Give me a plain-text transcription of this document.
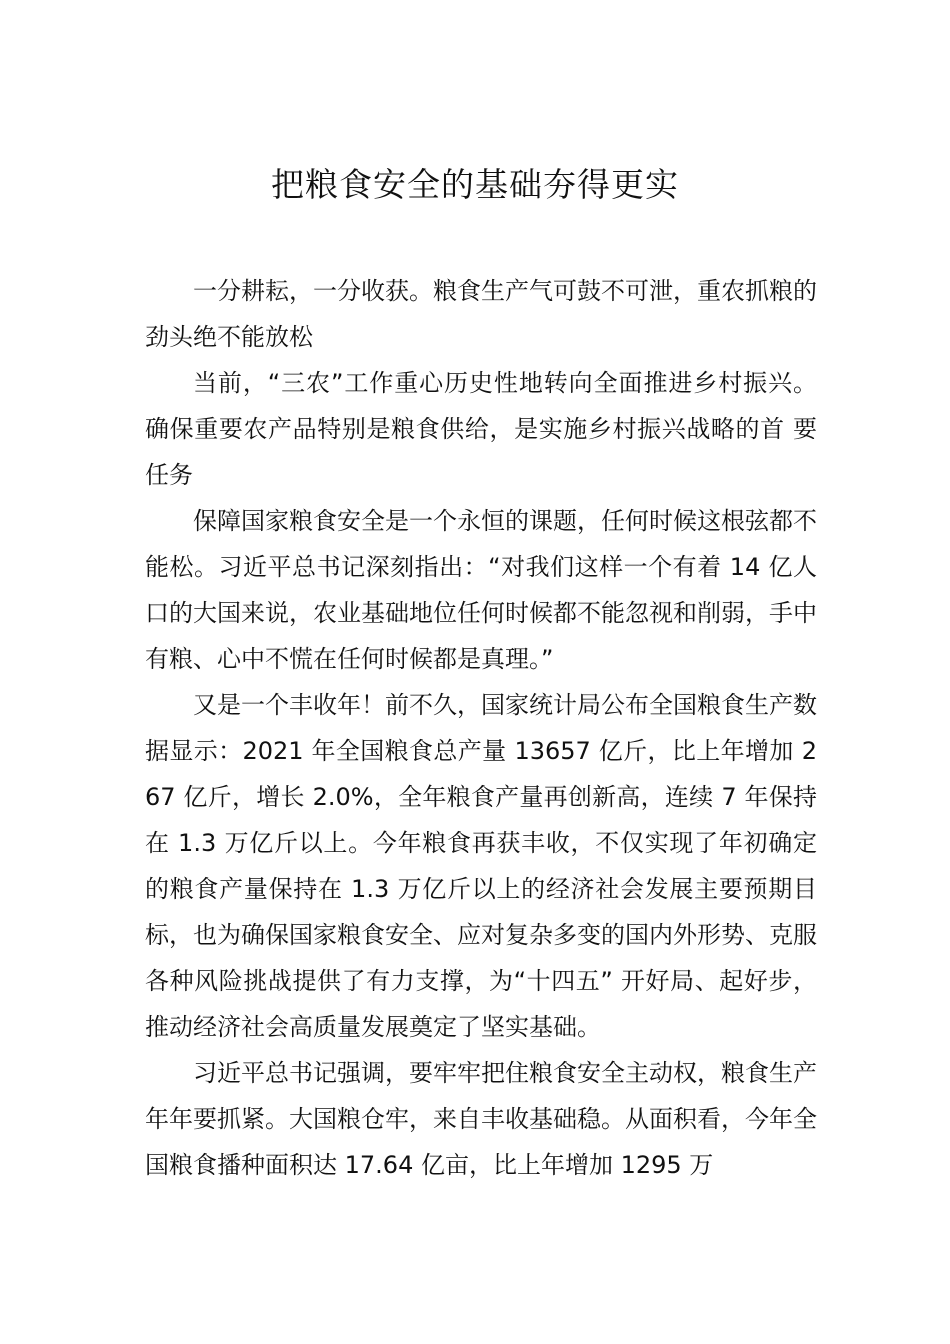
把粮食安全的基础夯得更实

一分耕耘，一分收获。粮食生产气可鼓不可泄，重农抓粮的劲头绝不能放松

当前，“三农”工作重心历史性地转向全面推进乡村振兴。确保重要农产品特别是粮食供给，是实施乡村振兴战略的首 要任务

保障国家粮食安全是一个永恒的课题，任何时候这根弦都不能松。习近平总书记深刻指出：“对我们这样一个有着 14 亿人口的大国来说，农业基础地位任何时候都不能忽视和削弱，手中有粮、心中不慌在任何时候都是真理。”

又是一个丰收年！前不久，国家统计局公布全国粮食生产数据显示：2021 年全国粮食总产量 13657 亿斤，比上年增加 267 亿斤，增长 2.0%，全年粮食产量再创新高，连续 7 年保持在 1.3 万亿斤以上。今年粮食再获丰收，不仅实现了年初确定的粮食产量保持在 1.3 万亿斤以上的经济社会发展主要预期目标，也为确保国家粮食安全、应对复杂多变的国内外形势、克服各种风险挑战提供了有力支撑，为“十四五” 开好局、起好步，推动经济社会高质量发展奠定了坚实基础。

习近平总书记强调，要牢牢把住粮食安全主动权，粮食生产年年要抓紧。大国粮仓牢，来自丰收基础稳。从面积看，今年全国粮食播种面积达 17.64 亿亩，比上年增加 1295 万
